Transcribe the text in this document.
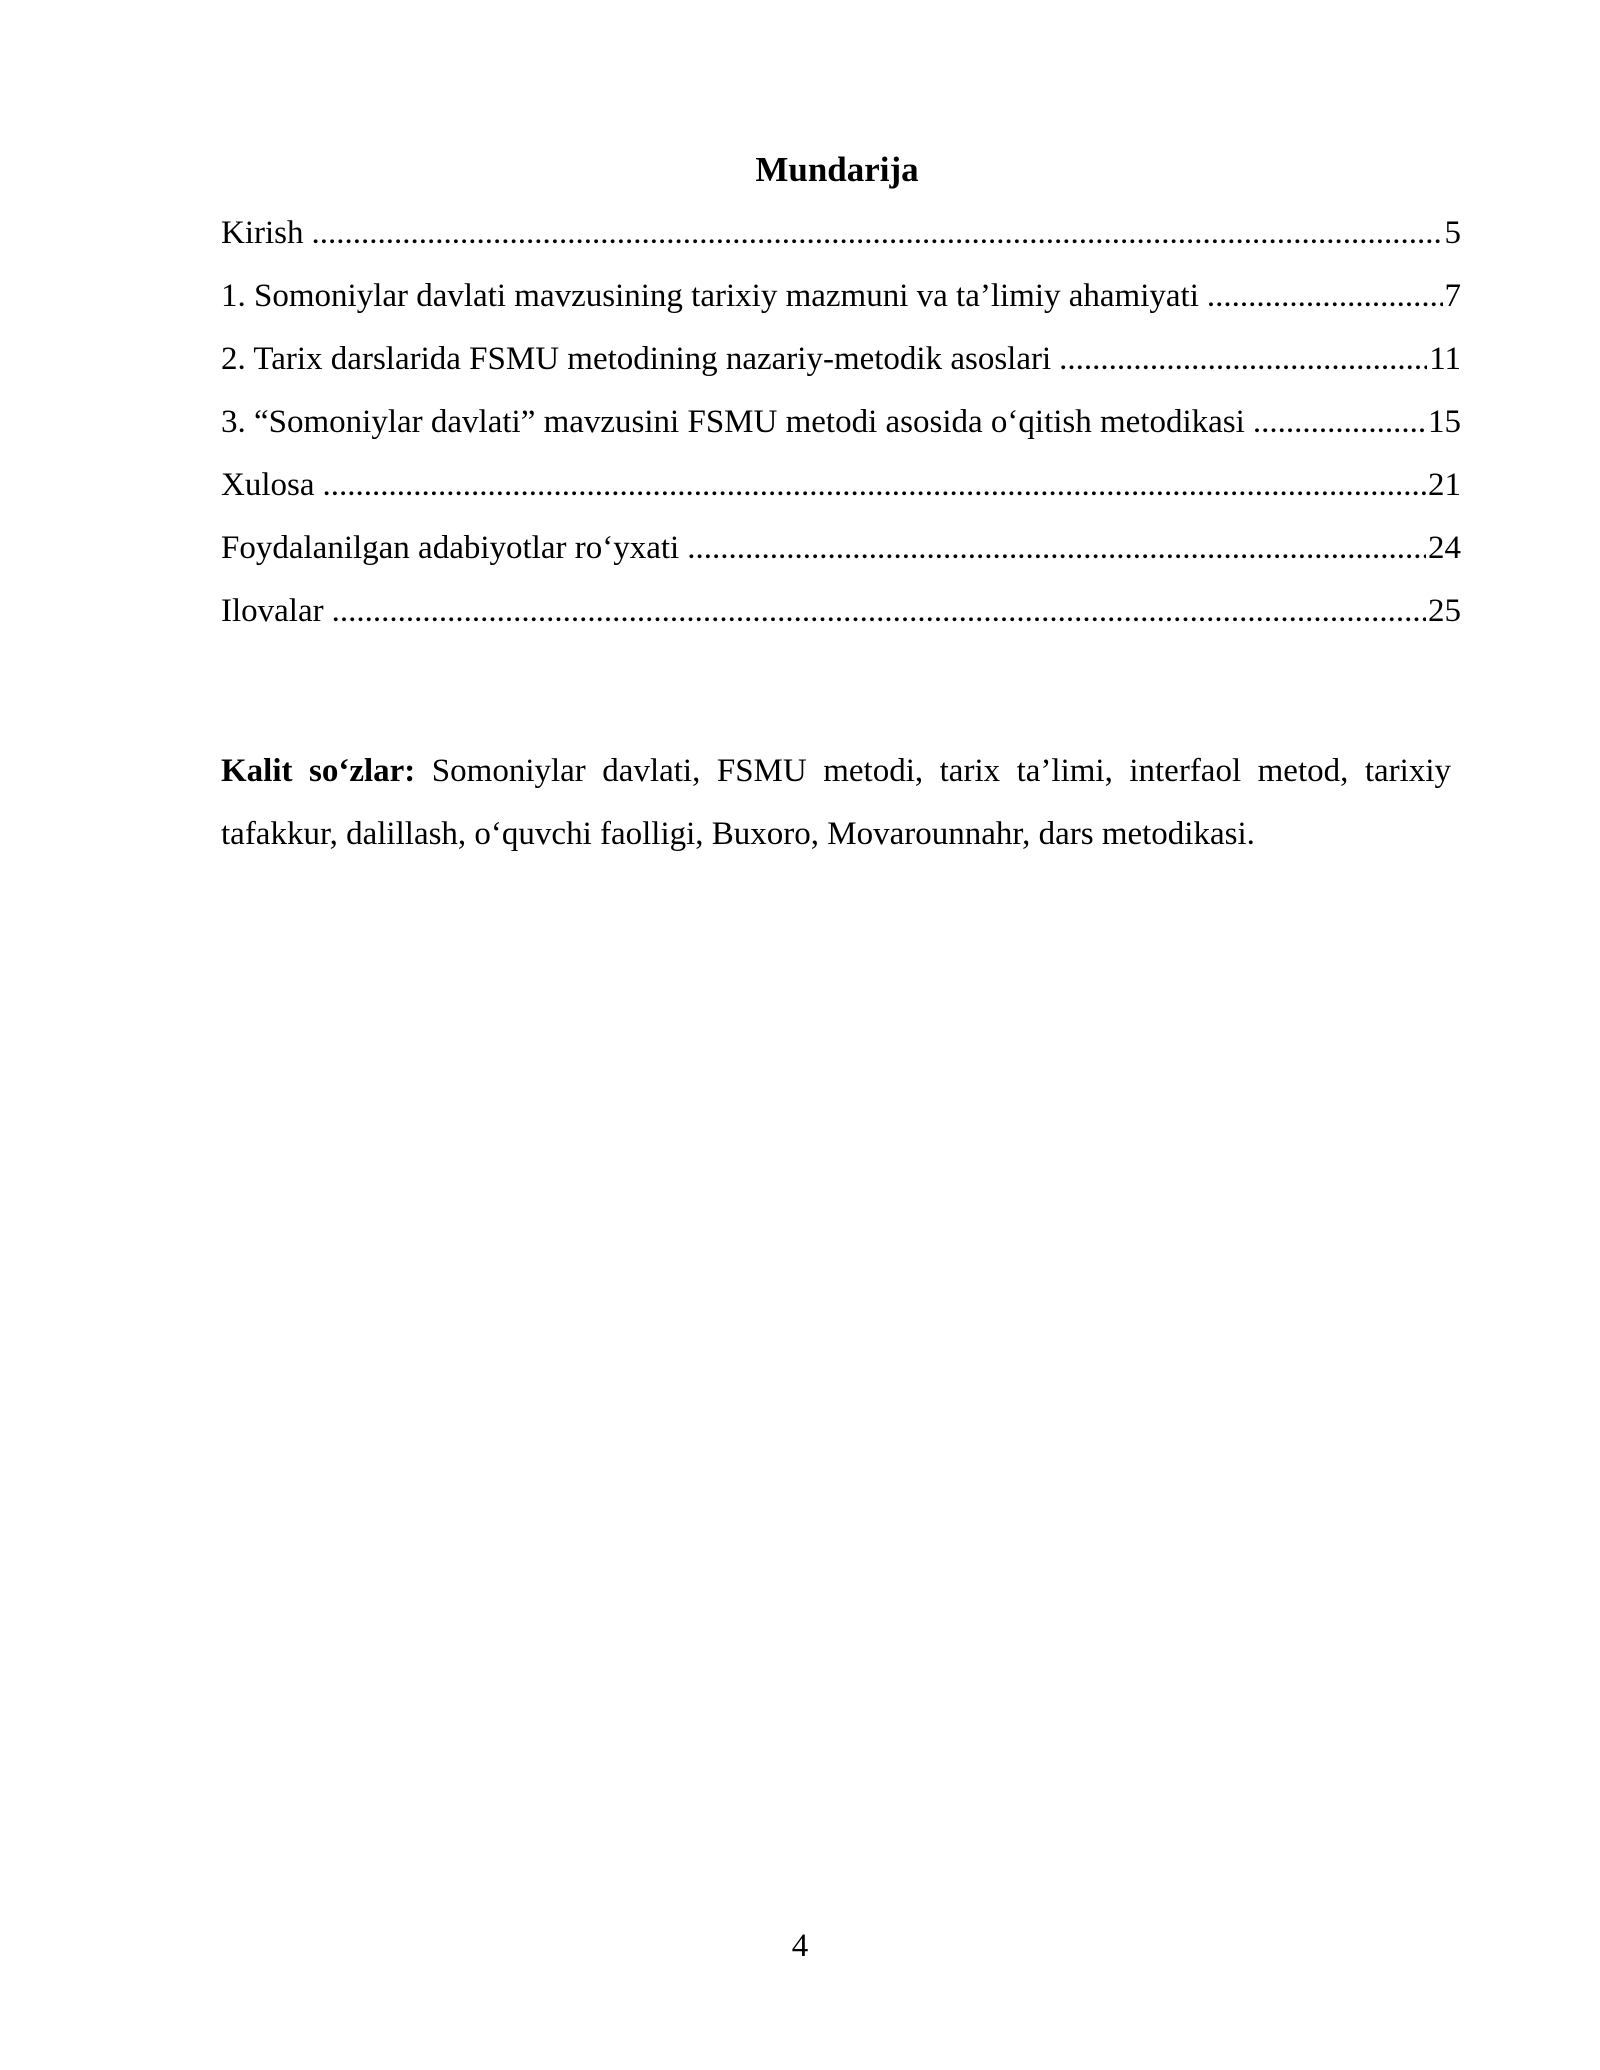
Mundarija
Kirish .....	5
1. Somoniylar davlati mavzusining tarixiy mazmuni va ta’limiy ahamiyati .....	7
2. Tarix darslarida FSMU metodining nazariy-metodik asoslari .....	11
3. “Somoniylar davlati” mavzusini FSMU metodi asosida o‘qitish metodikasi .....	15
Xulosa .....	21
Foydalanilgan adabiyotlar ro‘yxati .....	24
Ilovalar .....	25

Kalit so‘zlar: Somoniylar davlati, FSMU metodi, tarix ta’limi, interfaol metod, tarixiy tafakkur, dalillash, o‘quvchi faolligi, Buxoro, Movarounnahr, dars metodikasi.

4
